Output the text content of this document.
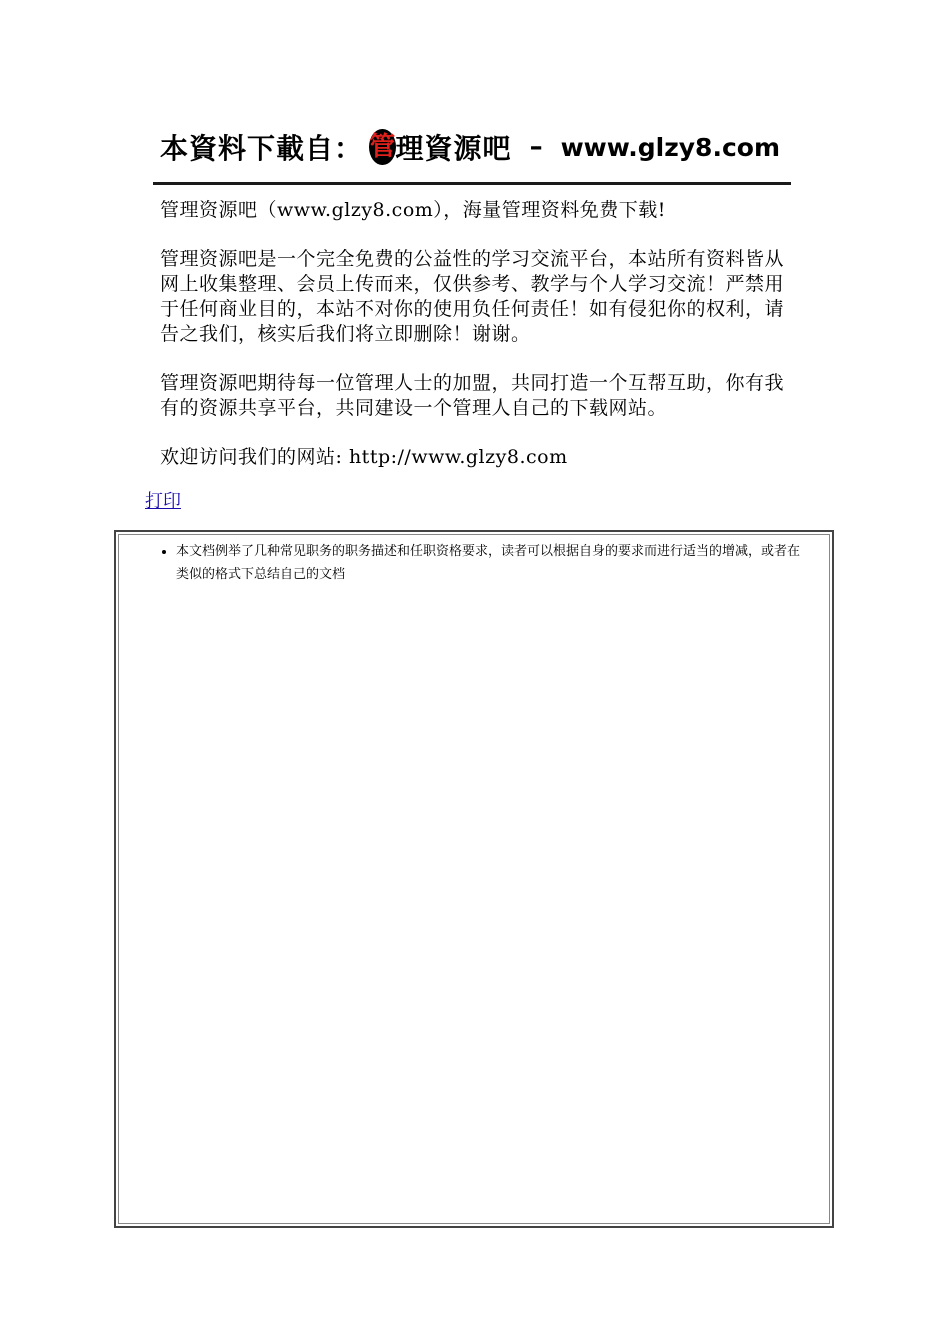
本資料下載自： 管 理資源吧 – www.glzy8.com

管理资源吧（www.glzy8.com），海量管理资料免费下载!

管理资源吧是一个完全免费的公益性的学习交流平台，本站所有资料皆从网上收集整理、会员上传而来，仅供参考、教学与个人学习交流！严禁用于任何商业目的，本站不对你的使用负任何责任！如有侵犯你的权利，请告之我们，核实后我们将立即删除！谢谢。

管理资源吧期待每一位管理人士的加盟，共同打造一个互帮互助，你有我有的资源共享平台，共同建设一个管理人自己的下载网站。

欢迎访问我们的网站: http://www.glzy8.com

打印
• 本文档例举了几种常见职务的职务描述和任职资格要求，读者可以根据自身的要求而进行适当的增减，或者在类似的格式下总结自己的文档
